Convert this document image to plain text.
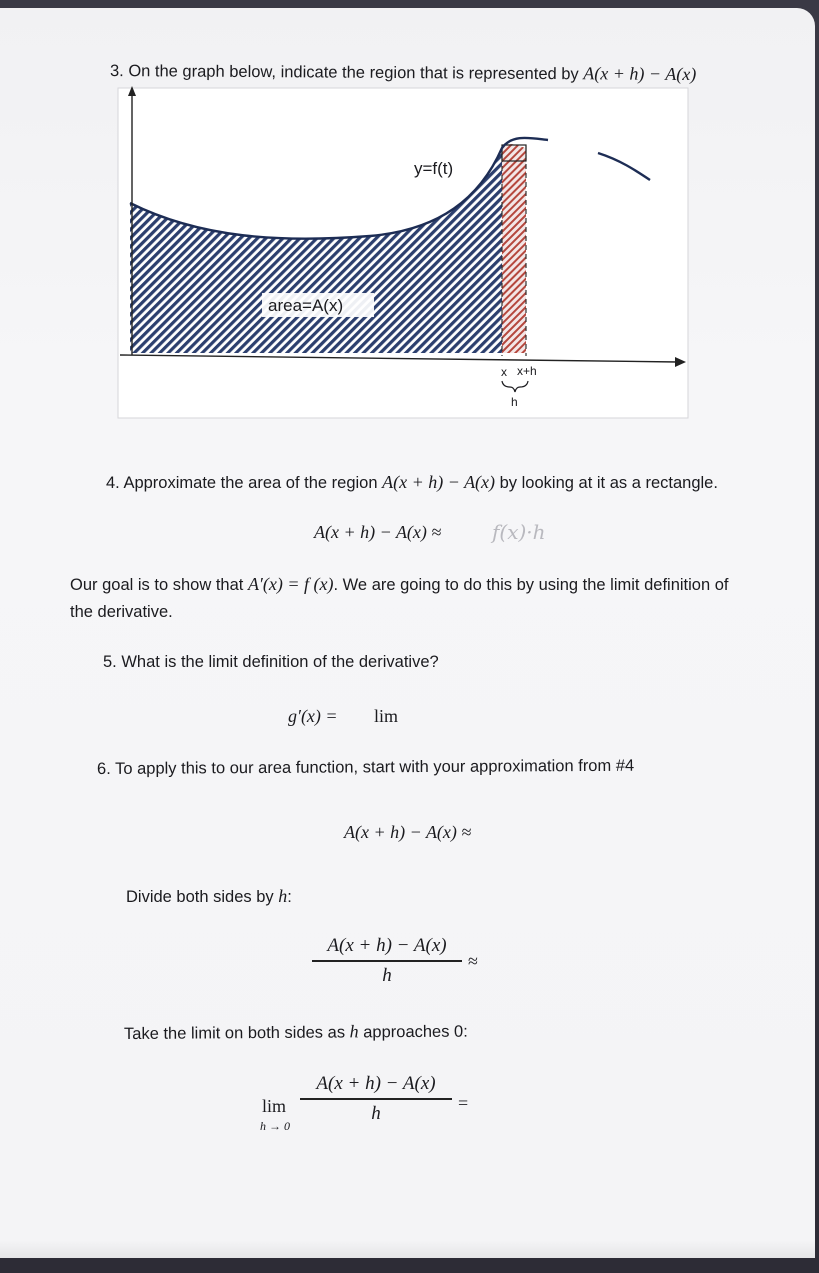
3. On the graph below, indicate the region that is represented by A(x + h) − A(x)
y=f(t)
area=A(x)
x x+h
h
4. Approximate the area of the region A(x + h) − A(x) by looking at it as a rectangle.
A(x + h) − A(x) ≈	f(x)·h
Our goal is to show that A′(x) = f (x). We are going to do this by using the limit definition of
the derivative.
5. What is the limit definition of the derivative?
g′(x) = lim
6. To apply this to our area function, start with your approximation from #4
A(x + h) − A(x) ≈
Divide both sides by h:
A(x + h) − A(x)
h
≈
Take the limit on both sides as h approaches 0:
lim
h → 0
A(x + h) − A(x)
h	=
